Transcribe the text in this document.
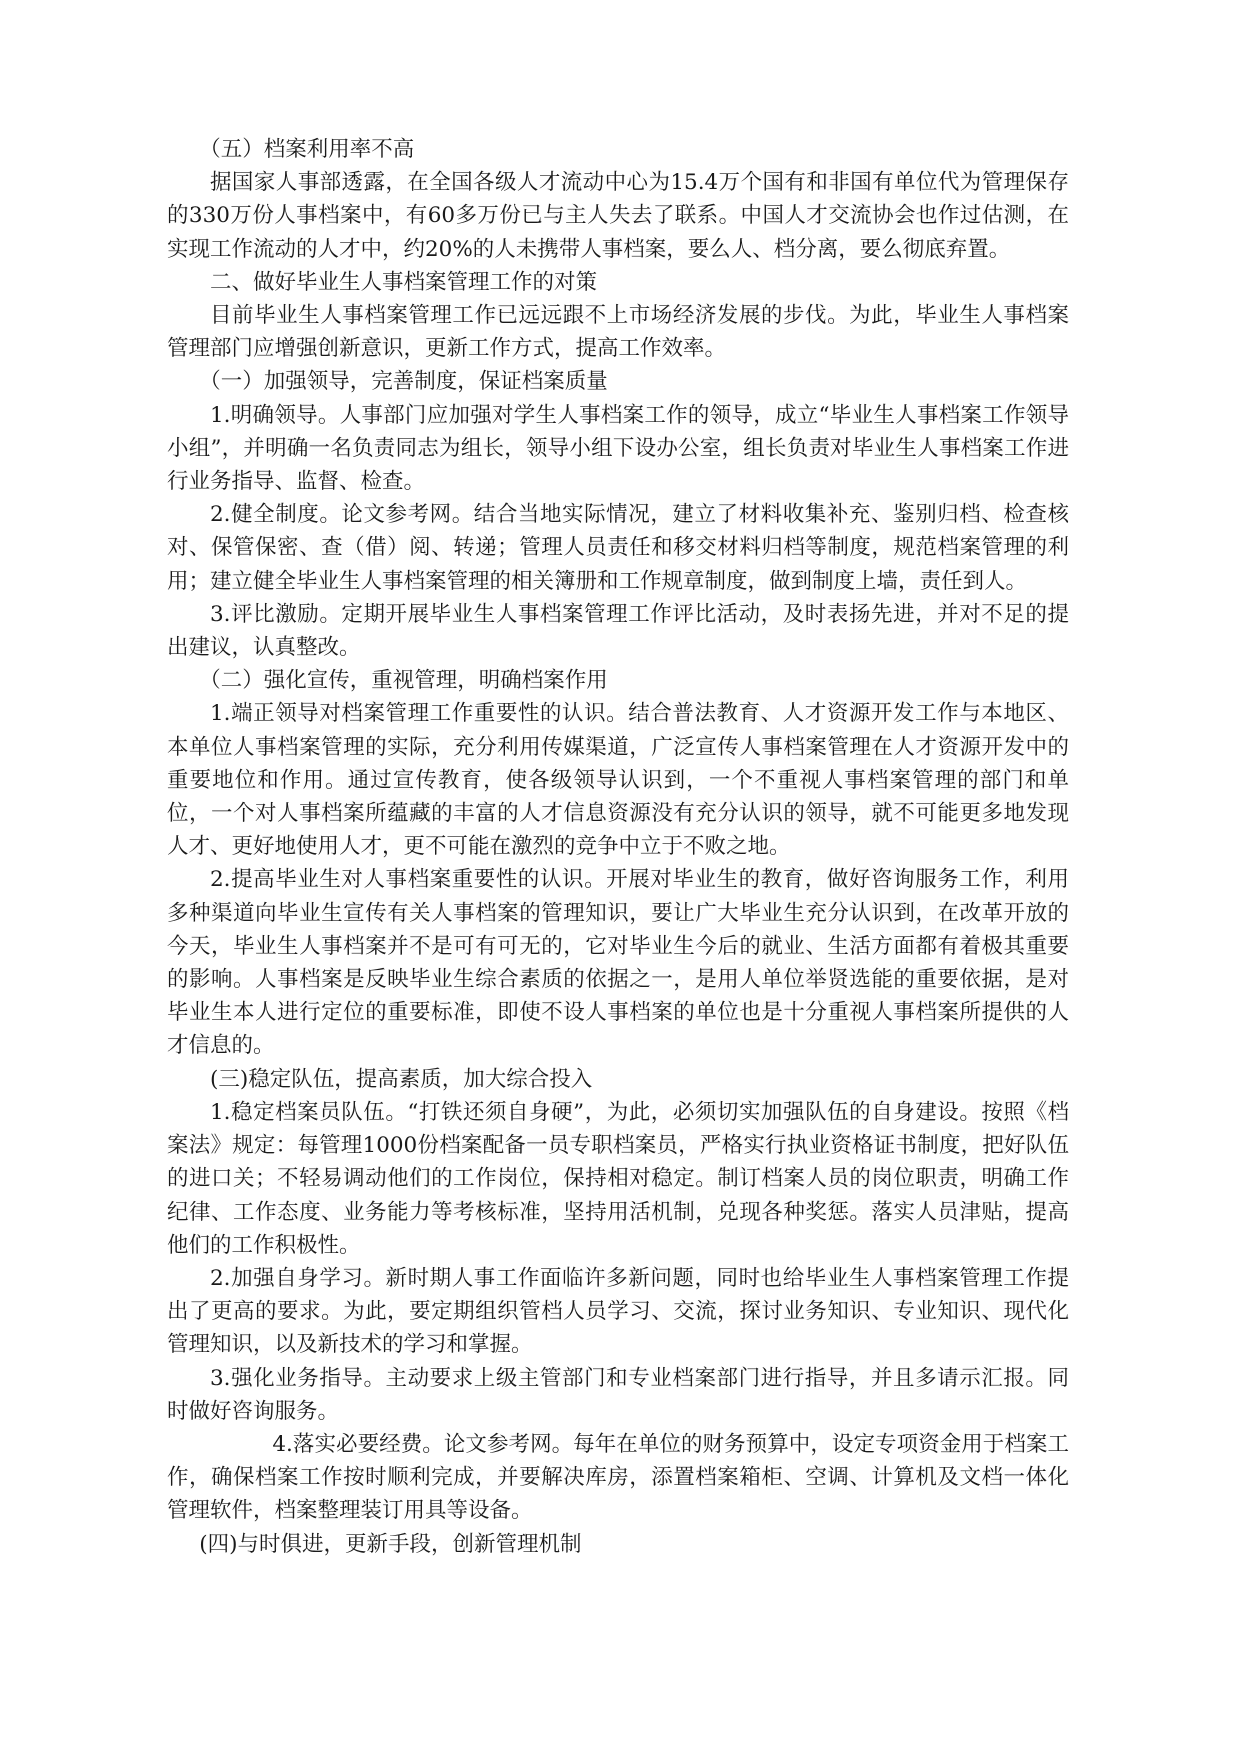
（五）档案利用率不高

据国家人事部透露，在全国各级人才流动中心为15.4万个国有和非国有单位代为管理保存的330万份人事档案中，有60多万份已与主人失去了联系。中国人才交流协会也作过估测，在实现工作流动的人才中，约20%的人未携带人事档案，要么人、档分离，要么彻底弃置。

二、做好毕业生人事档案管理工作的对策

目前毕业生人事档案管理工作已远远跟不上市场经济发展的步伐。为此，毕业生人事档案管理部门应增强创新意识，更新工作方式，提高工作效率。

（一）加强领导，完善制度，保证档案质量

1.明确领导。人事部门应加强对学生人事档案工作的领导，成立“毕业生人事档案工作领导小组”，并明确一名负责同志为组长，领导小组下设办公室，组长负责对毕业生人事档案工作进行业务指导、监督、检查。

2.健全制度。论文参考网。结合当地实际情况，建立了材料收集补充、鉴别归档、检查核对、保管保密、查（借）阅、转递；管理人员责任和移交材料归档等制度，规范档案管理的利用；建立健全毕业生人事档案管理的相关簿册和工作规章制度，做到制度上墙，责任到人。

3.评比激励。定期开展毕业生人事档案管理工作评比活动，及时表扬先进，并对不足的提出建议，认真整改。

（二）强化宣传，重视管理，明确档案作用

1.端正领导对档案管理工作重要性的认识。结合普法教育、人才资源开发工作与本地区、本单位人事档案管理的实际，充分利用传媒渠道，广泛宣传人事档案管理在人才资源开发中的重要地位和作用。通过宣传教育，使各级领导认识到，一个不重视人事档案管理的部门和单位，一个对人事档案所蕴藏的丰富的人才信息资源没有充分认识的领导，就不可能更多地发现人才、更好地使用人才，更不可能在激烈的竞争中立于不败之地。

2.提高毕业生对人事档案重要性的认识。开展对毕业生的教育，做好咨询服务工作，利用多种渠道向毕业生宣传有关人事档案的管理知识，要让广大毕业生充分认识到，在改革开放的今天，毕业生人事档案并不是可有可无的，它对毕业生今后的就业、生活方面都有着极其重要的影响。人事档案是反映毕业生综合素质的依据之一，是用人单位举贤选能的重要依据，是对毕业生本人进行定位的重要标准，即使不设人事档案的单位也是十分重视人事档案所提供的人才信息的。

(三)稳定队伍，提高素质，加大综合投入

1.稳定档案员队伍。“打铁还须自身硬”，为此，必须切实加强队伍的自身建设。按照《档案法》规定：每管理1000份档案配备一员专职档案员，严格实行执业资格证书制度，把好队伍的进口关；不轻易调动他们的工作岗位，保持相对稳定。制订档案人员的岗位职责，明确工作纪律、工作态度、业务能力等考核标准，坚持用活机制，兑现各种奖惩。落实人员津贴，提高他们的工作积极性。

2.加强自身学习。新时期人事工作面临许多新问题，同时也给毕业生人事档案管理工作提出了更高的要求。为此，要定期组织管档人员学习、交流，探讨业务知识、专业知识、现代化管理知识，以及新技术的学习和掌握。

3.强化业务指导。主动要求上级主管部门和专业档案部门进行指导，并且多请示汇报。同时做好咨询服务。

4.落实必要经费。论文参考网。每年在单位的财务预算中，设定专项资金用于档案工作，确保档案工作按时顺利完成，并要解决库房，添置档案箱柜、空调、计算机及文档一体化管理软件，档案整理装订用具等设备。

(四)与时俱进，更新手段，创新管理机制
